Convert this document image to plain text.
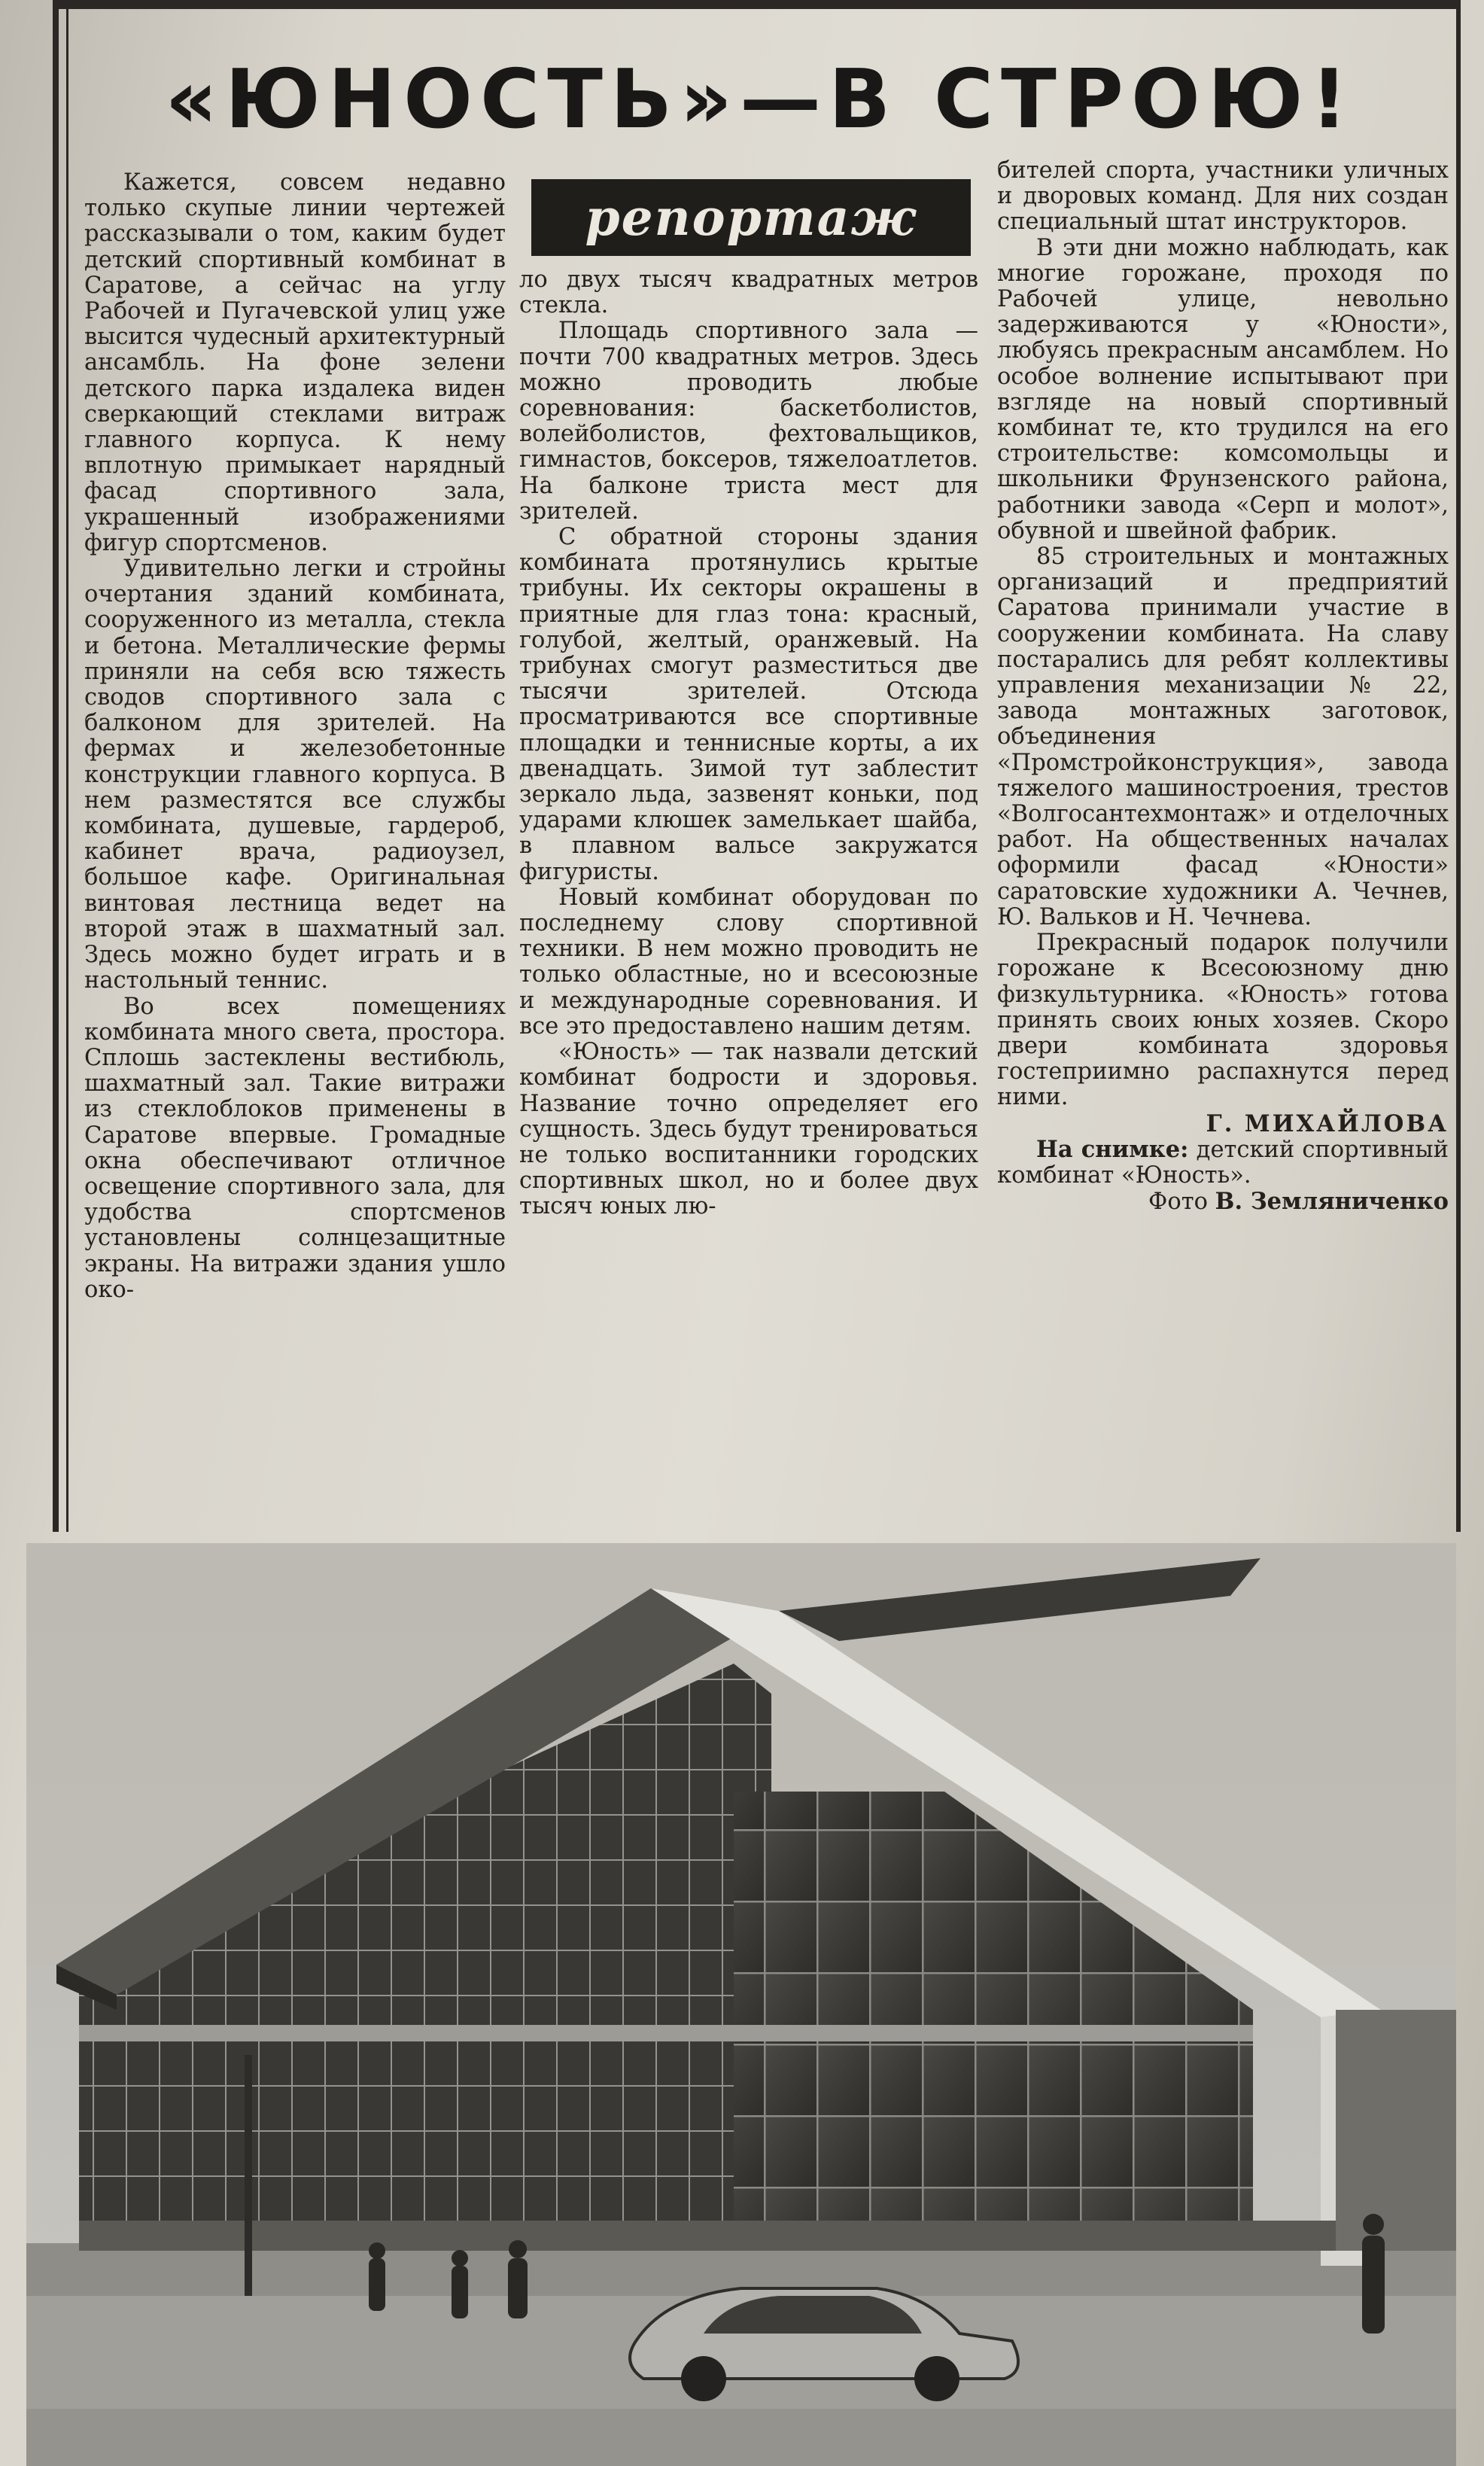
«ЮНОСТЬ»—В СТРОЮ!
репортаж

Кажется, совсем недавно только скупые линии чертежей рассказывали о том, каким будет детский спортивный комбинат в Саратове, а сейчас на углу Рабочей и Пугачевской улиц уже высится чудесный архитектурный ансамбль. На фоне зелени детского парка издалека виден сверкающий стеклами витраж главного корпуса. К нему вплотную примыкает нарядный фасад спортивного зала, украшенный изображениями фигур спортсменов.

Удивительно легки и стройны очертания зданий комбината, сооруженного из металла, стекла и бетона. Металлические фермы приняли на себя всю тяжесть сводов спортивного зала с балконом для зрителей. На фермах и железобетонные конструкции главного корпуса. В нем разместятся все службы комбината, душевые, гардероб, кабинет врача, радиоузел, большое кафе. Оригинальная винтовая лестница ведет на второй этаж в шахматный зал. Здесь можно будет играть и в настольный теннис.

Во всех помещениях комбината много света, простора. Сплошь застеклены вестибюль, шахматный зал. Такие витражи из стеклоблоков применены в Саратове впервые. Громадные окна обеспечивают отличное освещение спортивного зала, для удобства спортсменов установлены солнцезащитные экраны. На витражи здания ушло око-

ло двух тысяч квадратных метров стекла.

Площадь спортивного зала — почти 700 квадратных метров. Здесь можно проводить любые соревнования: баскетболистов, волейболистов, фехтовальщиков, гимнастов, боксеров, тяжелоатлетов. На балконе триста мест для зрителей.

С обратной стороны здания комбината протянулись крытые трибуны. Их секторы окрашены в приятные для глаз тона: красный, голубой, желтый, оранжевый. На трибунах смогут разместиться две тысячи зрителей. Отсюда просматриваются все спортивные площадки и теннисные корты, а их двенадцать. Зимой тут заблестит зеркало льда, зазвенят коньки, под ударами клюшек замелькает шайба, в плавном вальсе закружатся фигуристы.

Новый комбинат оборудован по последнему слову спортивной техники. В нем можно проводить не только областные, но и всесоюзные и международные соревнования. И все это предоставлено нашим детям.

«Юность» — так назвали детский комбинат бодрости и здоровья. Название точно определяет его сущность. Здесь будут тренироваться не только воспитанники городских спортивных школ, но и более двух тысяч юных лю-

бителей спорта, участники уличных и дворовых команд. Для них создан специальный штат инструкторов.

В эти дни можно наблюдать, как многие горожане, проходя по Рабочей улице, невольно задерживаются у «Юности», любуясь прекрасным ансамблем. Но особое волнение испытывают при взгляде на новый спортивный комбинат те, кто трудился на его строительстве: комсомольцы и школьники Фрунзенского района, работники завода «Серп и молот», обувной и швейной фабрик.

85 строительных и монтажных организаций и предприятий Саратова принимали участие в сооружении комбината. На славу постарались для ребят коллективы управления механизации № 22, завода монтажных заготовок, объединения «Промстройконструкция», завода тяжелого машиностроения, трестов «Волгосантехмонтаж» и отделочных работ. На общественных началах оформили фасад «Юности» саратовские художники А. Чечнев, Ю. Вальков и Н. Чечнева.

Прекрасный подарок получили горожане к Всесоюзному дню физкультурника. «Юность» готова принять своих юных хозяев. Скоро двери комбината здоровья гостеприимно распахнутся перед ними.

Г. МИХАЙЛОВА

На снимке: детский спортивный комбинат «Юность».

Фото В. Земляниченко
